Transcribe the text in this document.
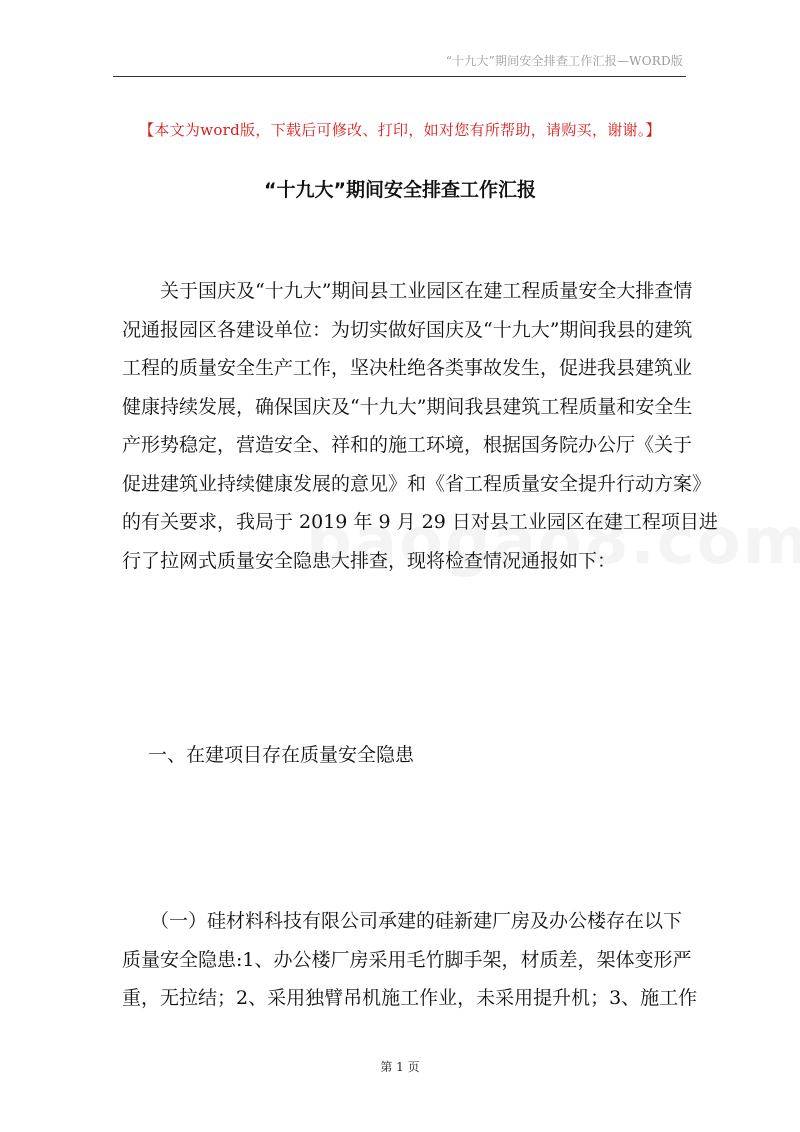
“十九大”期间安全排查工作汇报—WORD版
【本文为word版，下载后可修改、打印，如对您有所帮助，请购买，谢谢。】
“十九大”期间安全排查工作汇报

关于国庆及“十九大”期间县工业园区在建工程质量安全大排查情
况通报园区各建设单位：为切实做好国庆及“十九大”期间我县的建筑
工程的质量安全生产工作，坚决杜绝各类事故发生，促进我县建筑业
健康持续发展，确保国庆及“十九大”期间我县建筑工程质量和安全生
产形势稳定，营造安全、祥和的施工环境，根据国务院办公厅《关于
促进建筑业持续健康发展的意见》和《省工程质量安全提升行动方案》
的有关要求，我局于 2019 年 9 月 29 日对县工业园区在建工程项目进
行了拉网式质量安全隐患大排查，现将检查情况通报如下：

一、在建项目存在质量安全隐患

（一）硅材料科技有限公司承建的硅新建厂房及办公楼存在以下
质量安全隐患:1、办公楼厂房采用毛竹脚手架，材质差，架体变形严
重，无拉结；2、采用独臂吊机施工作业，未采用提升机；3、施工作

第 1 页
